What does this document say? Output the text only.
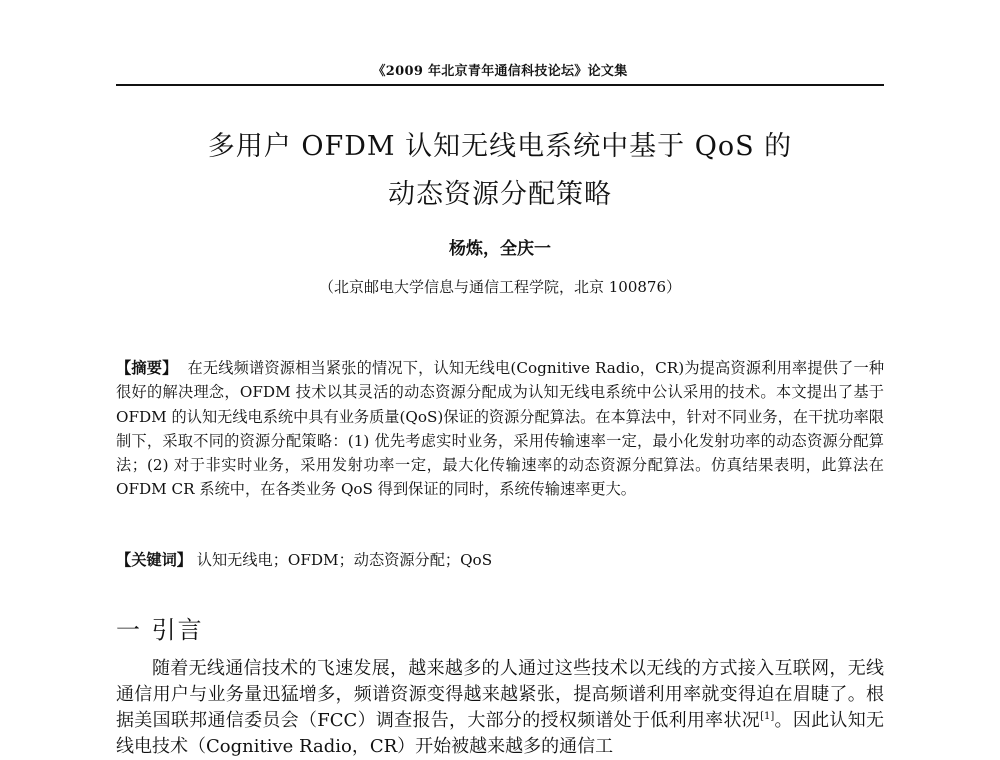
《2009 年北京青年通信科技论坛》论文集
多用户 OFDM 认知无线电系统中基于 QoS 的
动态资源分配策略
杨炼，全庆一
（北京邮电大学信息与通信工程学院，北京 100876）
【摘要】 在无线频谱资源相当紧张的情况下，认知无线电(Cognitive Radio，CR)为提高资源利用率提供了一种很好的解决理念，OFDM 技术以其灵活的动态资源分配成为认知无线电系统中公认采用的技术。本文提出了基于 OFDM 的认知无线电系统中具有业务质量(QoS)保证的资源分配算法。在本算法中，针对不同业务，在干扰功率限制下，采取不同的资源分配策略：(1) 优先考虑实时业务，采用传输速率一定，最小化发射功率的动态资源分配算法；(2) 对于非实时业务，采用发射功率一定，最大化传输速率的动态资源分配算法。仿真结果表明，此算法在 OFDM CR 系统中，在各类业务 QoS 得到保证的同时，系统传输速率更大。
【关键词】 认知无线电；OFDM；动态资源分配；QoS
一 引言
随着无线通信技术的飞速发展，越来越多的人通过这些技术以无线的方式接入互联网，无线通信用户与业务量迅猛增多，频谱资源变得越来越紧张，提高频谱利用率就变得迫在眉睫了。根据美国联邦通信委员会（FCC）调查报告，大部分的授权频谱处于低利用率状况[1]。因此认知无线电技术（Cognitive Radio，CR）开始被越来越多的通信工
